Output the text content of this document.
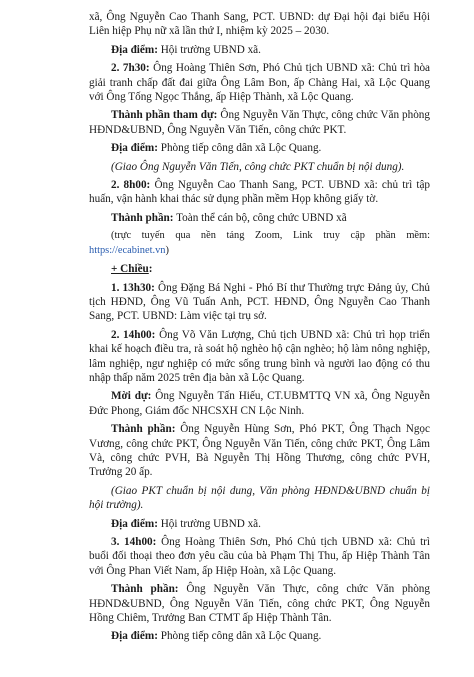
xã, Ông Nguyễn Cao Thanh Sang, PCT. UBND: dự Đại hội đại biểu Hội Liên hiệp Phụ nữ xã lần thứ I, nhiệm kỳ 2025 – 2030.

Địa điểm: Hội trường UBND xã.

2. 7h30: Ông Hoàng Thiên Sơn, Phó Chủ tịch UBND xã: Chủ trì hòa giải tranh chấp đất đai giữa Ông Lâm Bon, ấp Chàng Hai, xã Lộc Quang với Ông Tống Ngọc Thắng, ấp Hiệp Thành, xã Lộc Quang.

Thành phần tham dự: Ông Nguyễn Văn Thực, công chức Văn phòng HĐND&UBND, Ông Nguyễn Văn Tiến, công chức PKT.

Địa điểm: Phòng tiếp công dân xã Lộc Quang.

(Giao Ông Nguyễn Văn Tiến, công chức PKT chuẩn bị nội dung).

2. 8h00: Ông Nguyễn Cao Thanh Sang, PCT. UBND xã: chủ trì tập huấn, vận hành khai thác sử dụng phần mềm Họp không giấy tờ.

Thành phần: Toàn thể cán bộ, công chức UBND xã

(trực tuyến qua nền tảng Zoom, Link truy cập phần mềm: https://ecabinet.vn)

+ Chiều:

1. 13h30: Ông Đặng Bá Nghi - Phó Bí thư Thường trực Đảng ủy, Chủ tịch HĐND, Ông Vũ Tuấn Anh, PCT. HĐND, Ông Nguyễn Cao Thanh Sang, PCT. UBND: Làm việc tại trụ sở.

2. 14h00: Ông Võ Văn Lượng, Chủ tịch UBND xã: Chủ trì họp triển khai kế hoạch điều tra, rà soát hộ nghèo hộ cận nghèo; hộ làm nông nghiệp, lâm nghiệp, ngư nghiệp có mức sống trung bình và người lao động có thu nhập thấp năm 2025 trên địa bàn xã Lộc Quang.

Mời dự: Ông Nguyễn Tấn Hiếu, CT.UBMTTQ VN xã, Ông Nguyễn Đức Phong, Giám đốc NHCSXH CN Lộc Ninh.

Thành phần: Ông Nguyễn Hùng Sơn, Phó PKT, Ông Thạch Ngọc Vương, công chức PKT, Ông Nguyễn Văn Tiến, công chức PKT, Ông Lâm Và, công chức PVH, Bà Nguyễn Thị Hồng Thương, công chức PVH, Trưởng 20 ấp.

(Giao PKT chuẩn bị nội dung, Văn phòng HĐND&UBND chuẩn bị hội trường).

Địa điểm: Hội trường UBND xã.

3. 14h00: Ông Hoàng Thiên Sơn, Phó Chủ tịch UBND xã: Chủ trì buổi đối thoại theo đơn yêu cầu của bà Phạm Thị Thu, ấp Hiệp Thành Tân với Ông Phan Viết Nam, ấp Hiệp Hoàn, xã Lộc Quang.

Thành phần: Ông Nguyễn Văn Thực, công chức Văn phòng HĐND&UBND, Ông Nguyễn Văn Tiến, công chức PKT, Ông Nguyễn Hồng Chiêm, Trưởng Ban CTMT ấp Hiệp Thành Tân.

Địa điểm: Phòng tiếp công dân xã Lộc Quang.
